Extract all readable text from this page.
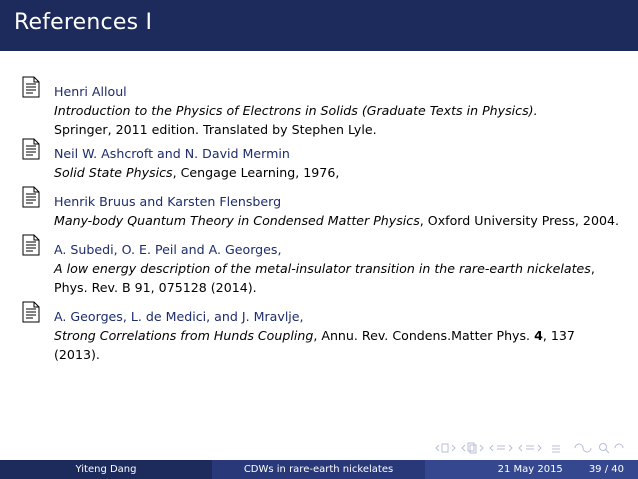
References I
Henri Alloul
Introduction to the Physics of Electrons in Solids (Graduate Texts in Physics).
Springer, 2011 edition. Translated by Stephen Lyle.
Neil W. Ashcroft and N. David Mermin
Solid State Physics, Cengage Learning, 1976,
Henrik Bruus and Karsten Flensberg
Many-body Quantum Theory in Condensed Matter Physics, Oxford University Press, 2004.
A. Subedi, O. E. Peil and A. Georges,
A low energy description of the metal-insulator transition in the rare-earth nickelates, Phys. Rev. B 91, 075128 (2014).
A. Georges, L. de Medici, and J. Mravlje,
Strong Correlations from Hunds Coupling, Annu. Rev. Condens.Matter Phys. 4, 137 (2013).
Yiteng Dang	CDWs in rare-earth nickelates	21 May 2015	39 / 40
